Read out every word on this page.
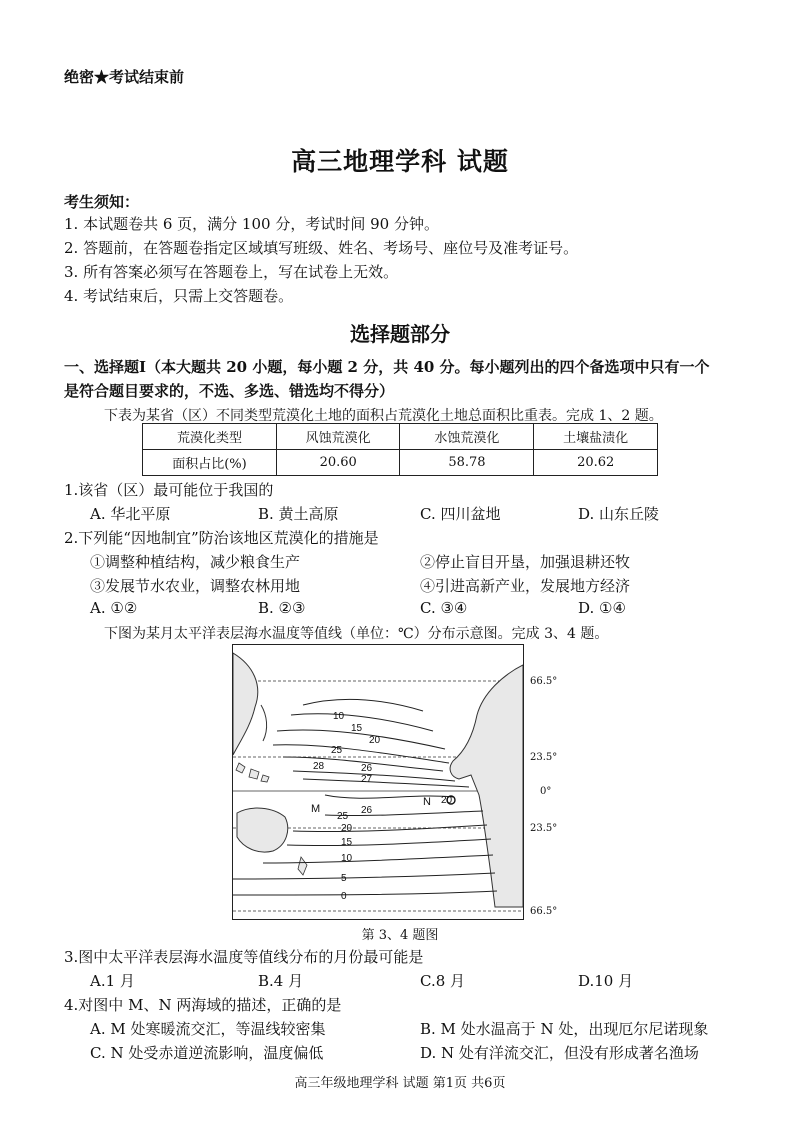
绝密★考试结束前
高三地理学科 试题
考生须知：
1. 本试题卷共 6 页，满分 100 分，考试时间 90 分钟。
2. 答题前，在答题卷指定区域填写班级、姓名、考场号、座位号及准考证号。
3. 所有答案必须写在答题卷上，写在试卷上无效。
4. 考试结束后，只需上交答题卷。
选择题部分
一、选择题Ⅰ（本大题共 20 小题，每小题 2 分，共 40 分。每小题列出的四个备选项中只有一个
是符合题目要求的，不选、多选、错选均不得分）
下表为某省（区）不同类型荒漠化土地的面积占荒漠化土地总面积比重表。完成 1、2 题。
荒漠化类型	风蚀荒漠化	水蚀荒漠化	土壤盐渍化
面积占比(%)	20.60	58.78	20.62
1.该省（区）最可能位于我国的
A. 华北平原	B. 黄土高原	C. 四川盆地	D. 山东丘陵
2.下列能“因地制宜”防治该地区荒漠化的措施是
①调整种植结构，减少粮食生产	②停止盲目开垦，加强退耕还牧
③发展节水农业，调整农林用地	④引进高新产业，发展地方经济
A. ①②	B. ②③	C. ③④	D. ①④
下图为某月太平洋表层海水温度等值线（单位：℃）分布示意图。完成 3、4 题。
10
15
20
25
28	26
27
25
26
20
20
15
10
5
0
M
N
66.5°
23.5°
0°
23.5°
66.5°
第 3、4 题图
3.图中太平洋表层海水温度等值线分布的月份最可能是
A.1 月	B.4 月	C.8 月	D.10 月
4.对图中 M、N 两海域的描述，正确的是
A. M 处寒暖流交汇，等温线较密集	B. M 处水温高于 N 处，出现厄尔尼诺现象
C. N 处受赤道逆流影响，温度偏低	D. N 处有洋流交汇，但没有形成著名渔场
高三年级地理学科 试题 第1页 共6页
